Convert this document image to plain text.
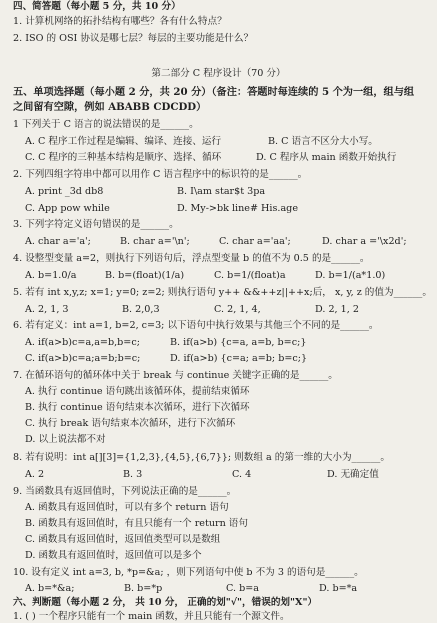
四、简答题（每小题 5 分，共 10 分）
1. 计算机网络的拓扑结构有哪些？各有什么特点？
2. ISO 的 OSI 协议是哪七层？每层的主要功能是什么？
第二部分 C 程序设计（70 分）
五、单项选择题（每小题 2 分，共 20 分）（备注：答题时每连续的 5 个为一组，组与组
之间留有空隙，例如 ABABB CDCDD）
1 下列关于 C 语言的说法错误的是______。
A. C 程序工作过程是编辑、编译、连接、运行	B. C 语言不区分大小写。
C. C 程序的三种基本结构是顺序、选择、循环	D. C 程序从 main 函数开始执行
2. 下列四组字符串中都可以用作 C 语言程序中的标识符的是______。
A. print _3d db8	B. I\am star$t 3pa
C. App pow while	D. My->bk line# His.age
3. 下列字符定义语句错误的是______。
A. char a='a';	B. char a='\n';	C. char a='aa';	D. char a ='\x2d';
4. 设整型变量 a=2，则执行下列语句后，浮点型变量 b 的值不为 0.5 的是______。
A. b=1.0/a	B. b=(float)(1/a)	C. b=1/(float)a	D. b=1/(a*1.0)
5. 若有 int x,y,z; x=1; y=0; z=2; 则执行语句 y++ &&++z||++x;后， x, y, z 的值为______。
A. 2, 1, 3	B. 2,0,3	C. 2, 1, 4,	D. 2, 1, 2
6. 若有定义：int a=1, b=2, c=3; 以下语句中执行效果与其他三个不同的是______。
A. if(a>b)c=a,a=b,b=c;	B. if(a>b) {c=a, a=b, b=c;}
C. if(a>b)c=a;a=b;b=c;	D. if(a>b) {c=a; a=b; b=c;}
7. 在循环语句的循环体中关于 break 与 continue 关键字正确的是______。
A. 执行 continue 语句跳出该循环体，提前结束循环
B. 执行 continue 语句结束本次循环，进行下次循环
C. 执行 break 语句结束本次循环，进行下次循环
D. 以上说法都不对
8. 若有说明：int a[][3]={1,2,3},{4,5},{6,7}}; 则数组 a 的第一维的大小为______。
A. 2	B. 3	C. 4	D. 无确定值
9. 当函数具有返回值时，下列说法正确的是______。
A. 函数具有返回值时，可以有多个 return 语句
B. 函数具有返回值时，有且只能有一个 return 语句
C. 函数具有返回值时，返回值类型可以是数组
D. 函数具有返回值时，返回值可以是多个
10. 设有定义 int a=3, b, *p=&a; ，则下列语句中使 b 不为 3 的语句是______。
A. b=*&a;	B. b=*p	C. b=a	D. b=*a
六、判断题（每小题 2 分， 共 10 分， 正确的划"√"，错误的划"X"）
1. ( ) 一个程序只能有一个 main 函数，并且只能有一个源文件。
